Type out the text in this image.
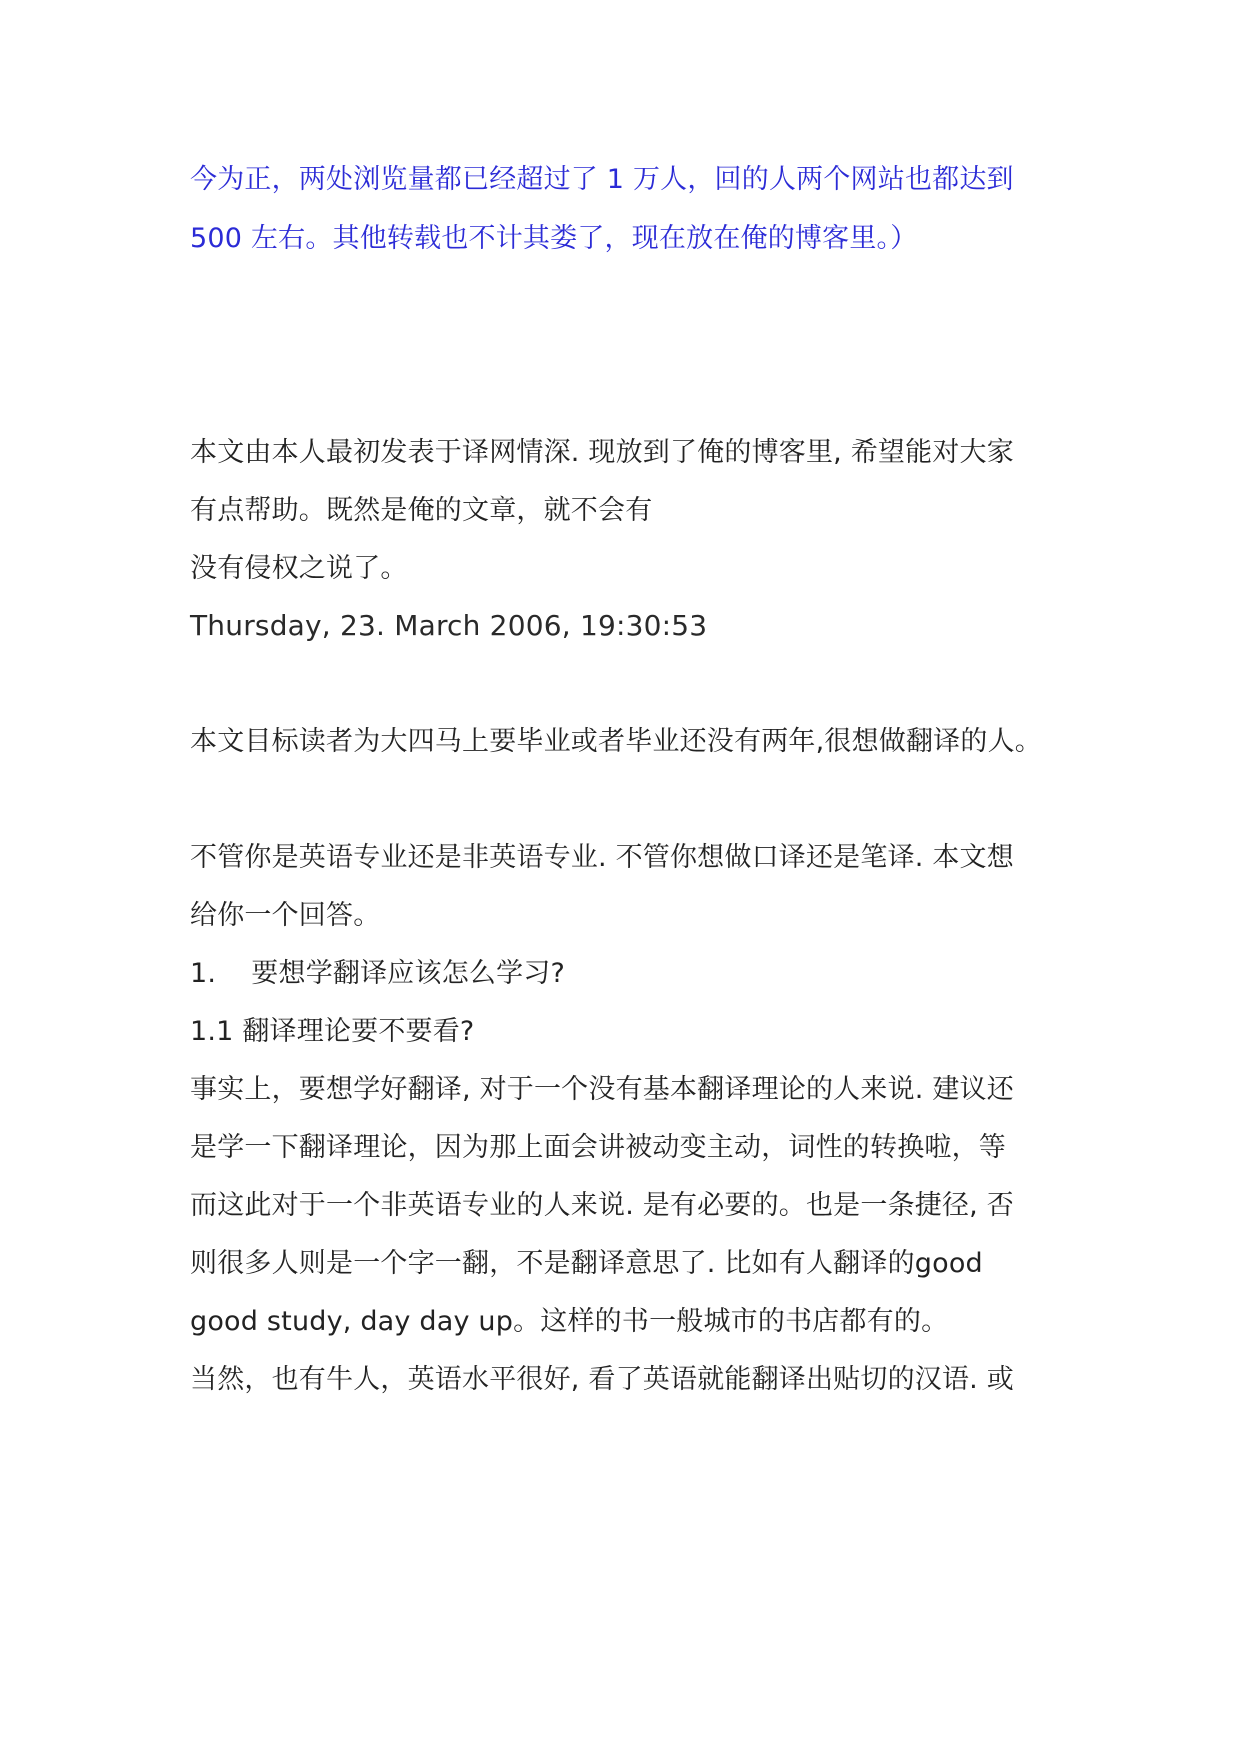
今为正，两处浏览量都已经超过了 1 万人，回的人两个网站也都达到
500 左右。其他转载也不计其娄了，现在放在俺的博客里。）
本文由本人最初发表于译网情深. 现放到了俺的博客里, 希望能对大家
有点帮助。既然是俺的文章，就不会有
没有侵权之说了。
Thursday, 23. March 2006, 19:30:53
本文目标读者为大四马上要毕业或者毕业还没有两年,很想做翻译的人。
不管你是英语专业还是非英语专业. 不管你想做口译还是笔译. 本文想
给你一个回答。
1.    要想学翻译应该怎么学习?
1.1 翻译理论要不要看?
事实上，要想学好翻译, 对于一个没有基本翻译理论的人来说. 建议还
是学一下翻译理论，因为那上面会讲被动变主动，词性的转换啦，等
而这此对于一个非英语专业的人来说. 是有必要的。也是一条捷径, 否
则很多人则是一个字一翻，不是翻译意思了. 比如有人翻译的good
good study, day day up。这样的书一般城市的书店都有的。
当然，也有牛人，英语水平很好, 看了英语就能翻译出贴切的汉语. 或
